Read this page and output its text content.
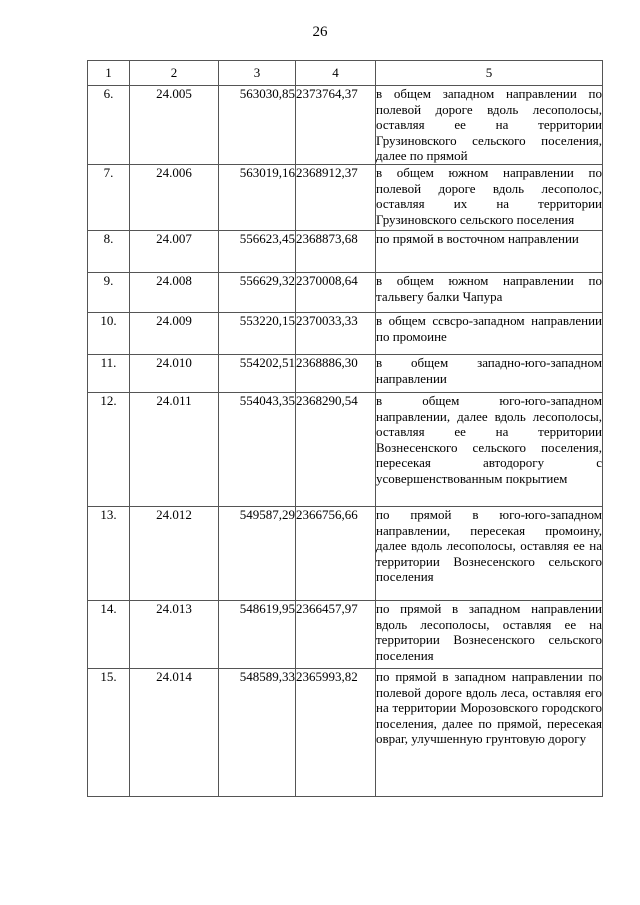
26
1	2	3	4	5
6.	24.005	563030,85	2373764,37	в общем западном направлении по полевой дороге вдоль лесополосы, оставляя ее на территории Грузиновского сельского поселения, далее по прямой
7.	24.006	563019,16	2368912,37	в общем южном направлении по полевой дороге вдоль лесополос, оставляя их на территории Грузиновского сельского поселения
8.	24.007	556623,45	2368873,68	по прямой в восточном направлении
9.	24.008	556629,32	2370008,64	в общем южном направлении по тальвегу балки Чапура
10.	24.009	553220,15	2370033,33	в общем ссвсро-западном направлении по промоине
11.	24.010	554202,51	2368886,30	в общем западно-юго-западном направлении
12.	24.011	554043,35	2368290,54	в общем юго-юго-западном направлении, далее вдоль лесополосы, оставляя ее на территории Вознесенского сельского поселения, пересекая автодорогу с усовершенствованным покрытием
13.	24.012	549587,29	2366756,66	по прямой в юго-юго-западном направлении, пересекая промоину, далее вдоль лесополосы, оставляя ее на территории Вознесенского сельского поселения
14.	24.013	548619,95	2366457,97	по прямой в западном направлении вдоль лесополосы, оставляя ее на территории Вознесенского сельского поселения
15.	24.014	548589,33	2365993,82	по прямой в западном направлении по полевой дороге вдоль леса, оставляя его на территории Морозовского городского поселения, далее по прямой, пересекая овраг, улучшенную грунтовую дорогу
